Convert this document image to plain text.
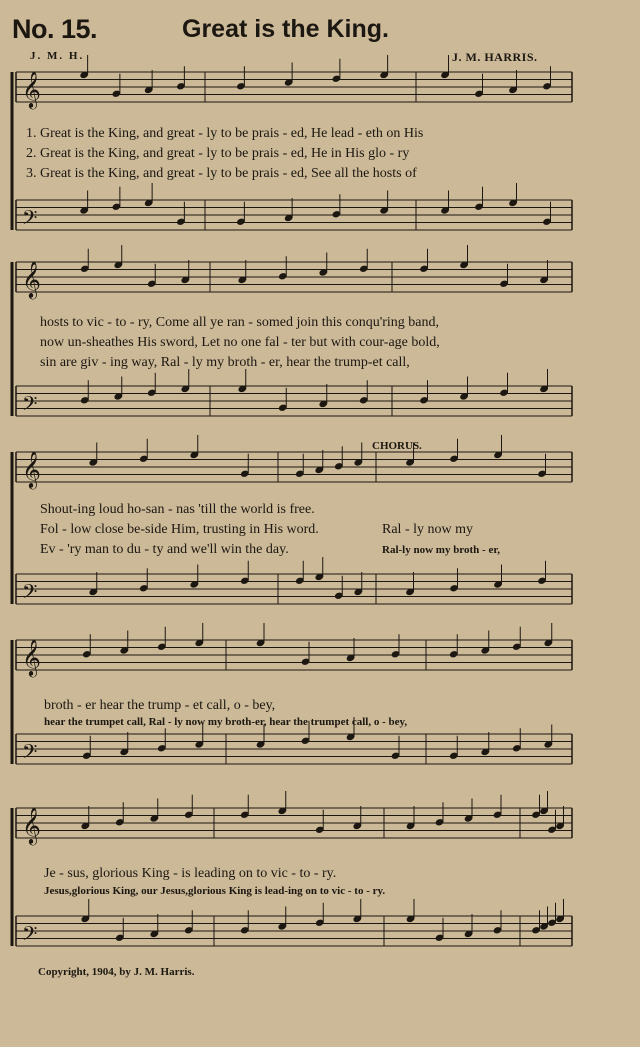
No. 15.	Great is the King.
J. M. H.	J. M. HARRIS.
𝄞
𝄢
𝄞
𝄢
𝄞
𝄢
𝄞
𝄢
𝄞
𝄢
1. Great is the King, and great - ly to be prais - ed, He lead - eth on His
2. Great is the King, and great - ly to be prais - ed, He in His glo - ry
3. Great is the King, and great - ly to be prais - ed, See all the hosts of
hosts to vic - to - ry, Come all ye ran - somed join this conqu'ring band,
now un-sheathes His sword, Let no one fal - ter but with cour-age bold,
sin are giv - ing way, Ral - ly my broth - er, hear the trump-et call,
CHORUS.
Shout-ing loud ho-san - nas 'till the world is free.
Fol - low close be-side Him, trusting in His word.
Ev - 'ry man to du - ty and we'll win the day.
Ral - ly now my
Ral-ly now my broth - er,
broth - er hear the trump - et call, o - bey,
hear the trumpet call, Ral - ly now my broth-er, hear the trumpet call, o - bey,
Je - sus, glorious King - is leading on to vic - to - ry.
Jesus,glorious King, our Jesus,glorious King is lead-ing on to vic - to - ry.
Copyright, 1904, by J. M. Harris.
